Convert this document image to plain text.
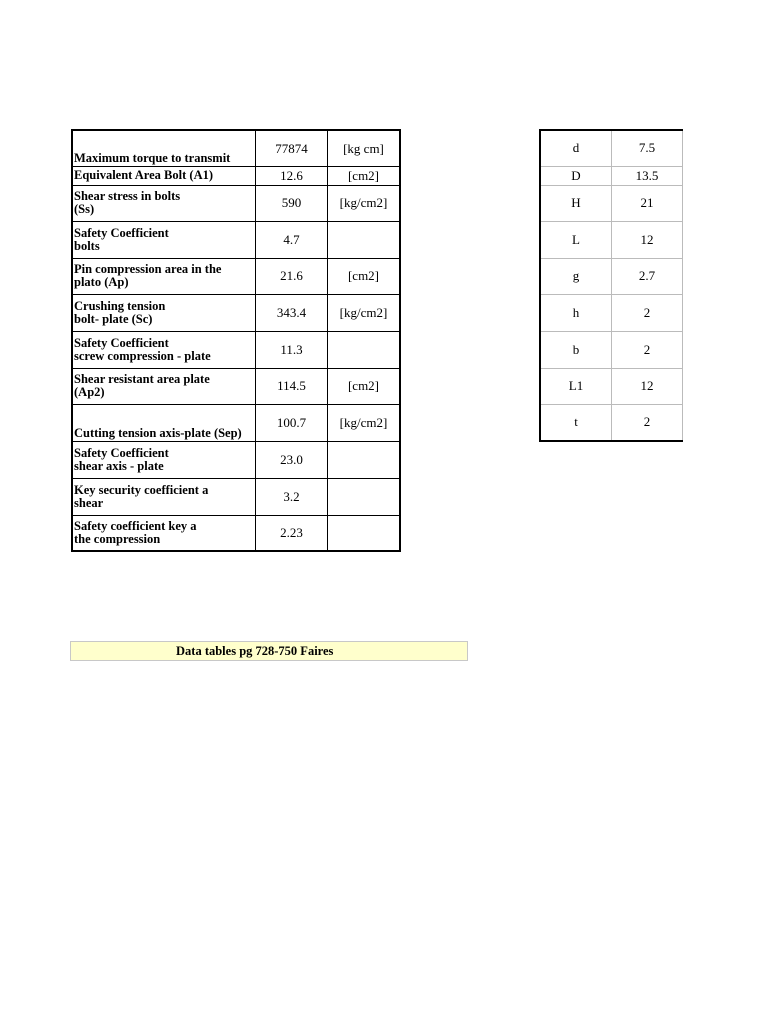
Maximum torque to transmit	77874	[kg cm]
Equivalent Area Bolt (A1)	12.6	[cm2]
Shear stress in bolts
(Ss)	590	[kg/cm2]
Safety Coefficient
bolts	4.7	
Pin compression area in the
plato (Ap)	21.6	[cm2]
Crushing tension
bolt- plate (Sc)	343.4	[kg/cm2]
Safety Coefficient
screw compression - plate	11.3	
Shear resistant area plate
(Ap2)	114.5	[cm2]
Cutting tension axis-plate (Sep)	100.7	[kg/cm2]
Safety Coefficient
shear axis - plate	23.0	
Key security coefficient a
shear	3.2	
Safety coefficient key a
the compression	2.23	
d	7.5
D	13.5
H	21
L	12
g	2.7
h	2
b	2
L1	12
t	2
Data tables pg 728-750 Faires
